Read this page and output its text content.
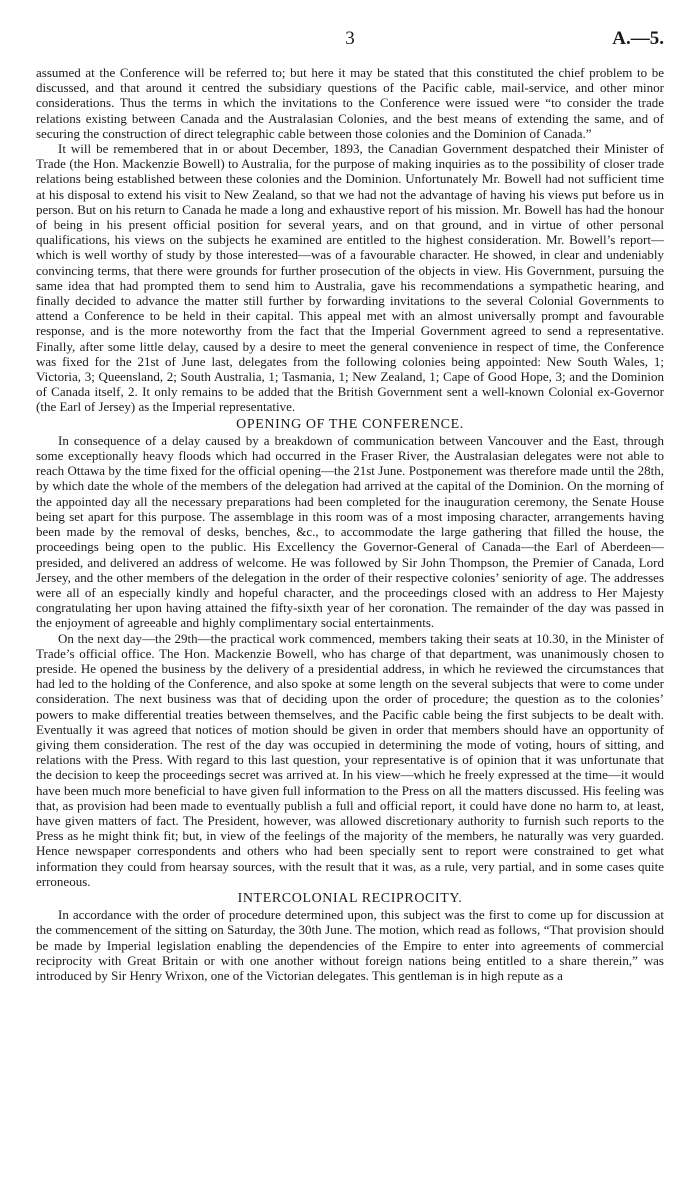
3	A.—5.

assumed at the Conference will be referred to; but here it may be stated that this constituted the chief problem to be discussed, and that around it centred the subsidiary questions of the Pacific cable, mail-service, and other minor considerations. Thus the terms in which the invitations to the Conference were issued were “to consider the trade relations existing between Canada and the Australasian Colonies, and the best means of extending the same, and of securing the construction of direct telegraphic cable between those colonies and the Dominion of Canada.”

It will be remembered that in or about December, 1893, the Canadian Government despatched their Minister of Trade (the Hon. Mackenzie Bowell) to Australia, for the purpose of making inquiries as to the possibility of closer trade relations being established between these colonies and the Dominion. Unfortunately Mr. Bowell had not sufficient time at his disposal to extend his visit to New Zealand, so that we had not the advantage of having his views put before us in person. But on his return to Canada he made a long and exhaustive report of his mission. Mr. Bowell has had the honour of being in his present official position for several years, and on that ground, and in virtue of other personal qualifications, his views on the subjects he examined are entitled to the highest consideration. Mr. Bowell’s report—which is well worthy of study by those interested—was of a favourable character. He showed, in clear and undeniably convincing terms, that there were grounds for further prosecution of the objects in view. His Government, pursuing the same idea that had prompted them to send him to Australia, gave his recommendations a sympathetic hearing, and finally decided to advance the matter still further by forwarding invitations to the several Colonial Governments to attend a Conference to be held in their capital. This appeal met with an almost universally prompt and favourable response, and is the more noteworthy from the fact that the Imperial Government agreed to send a representative. Finally, after some little delay, caused by a desire to meet the general convenience in respect of time, the Conference was fixed for the 21st of June last, delegates from the following colonies being appointed: New South Wales, 1; Victoria, 3; Queensland, 2; South Australia, 1; Tasmania, 1; New Zealand, 1; Cape of Good Hope, 3; and the Dominion of Canada itself, 2. It only remains to be added that the British Government sent a well-known Colonial ex-Governor (the Earl of Jersey) as the Imperial representative.

OPENING OF THE CONFERENCE.

In consequence of a delay caused by a breakdown of communication between Vancouver and the East, through some exceptionally heavy floods which had occurred in the Fraser River, the Australasian delegates were not able to reach Ottawa by the time fixed for the official opening—the 21st June. Postponement was therefore made until the 28th, by which date the whole of the members of the delegation had arrived at the capital of the Dominion. On the morning of the appointed day all the necessary preparations had been completed for the inauguration ceremony, the Senate House being set apart for this purpose. The assemblage in this room was of a most imposing character, arrangements having been made by the removal of desks, benches, &c., to accommodate the large gathering that filled the house, the proceedings being open to the public. His Excellency the Governor-General of Canada—the Earl of Aberdeen—presided, and delivered an address of welcome. He was followed by Sir John Thompson, the Premier of Canada, Lord Jersey, and the other members of the delegation in the order of their respective colonies’ seniority of age. The addresses were all of an especially kindly and hopeful character, and the proceedings closed with an address to Her Majesty congratulating her upon having attained the fifty-sixth year of her coronation. The remainder of the day was passed in the enjoyment of agreeable and highly complimentary social entertainments.

On the next day—the 29th—the practical work commenced, members taking their seats at 10.30, in the Minister of Trade’s official office. The Hon. Mackenzie Bowell, who has charge of that department, was unanimously chosen to preside. He opened the business by the delivery of a presidential address, in which he reviewed the circumstances that had led to the holding of the Conference, and also spoke at some length on the several subjects that were to come under consideration. The next business was that of deciding upon the order of procedure; the question as to the colonies’ powers to make differential treaties between themselves, and the Pacific cable being the first subjects to be dealt with. Eventually it was agreed that notices of motion should be given in order that members should have an opportunity of giving them consideration. The rest of the day was occupied in determining the mode of voting, hours of sitting, and relations with the Press. With regard to this last question, your representative is of opinion that it was unfortunate that the decision to keep the proceedings secret was arrived at. In his view—which he freely expressed at the time—it would have been much more beneficial to have given full information to the Press on all the matters discussed. His feeling was that, as provision had been made to eventually publish a full and official report, it could have done no harm to, at least, have given matters of fact. The President, however, was allowed discretionary authority to furnish such reports to the Press as he might think fit; but, in view of the feelings of the majority of the members, he naturally was very guarded. Hence newspaper correspondents and others who had been specially sent to report were constrained to get what information they could from hearsay sources, with the result that it was, as a rule, very partial, and in some cases quite erroneous.

INTERCOLONIAL RECIPROCITY.

In accordance with the order of procedure determined upon, this subject was the first to come up for discussion at the commencement of the sitting on Saturday, the 30th June. The motion, which read as follows, “That provision should be made by Imperial legislation enabling the dependencies of the Empire to enter into agreements of commercial reciprocity with Great Britain or with one another without foreign nations being entitled to a share therein,” was introduced by Sir Henry Wrixon, one of the Victorian delegates. This gentleman is in high repute as a
